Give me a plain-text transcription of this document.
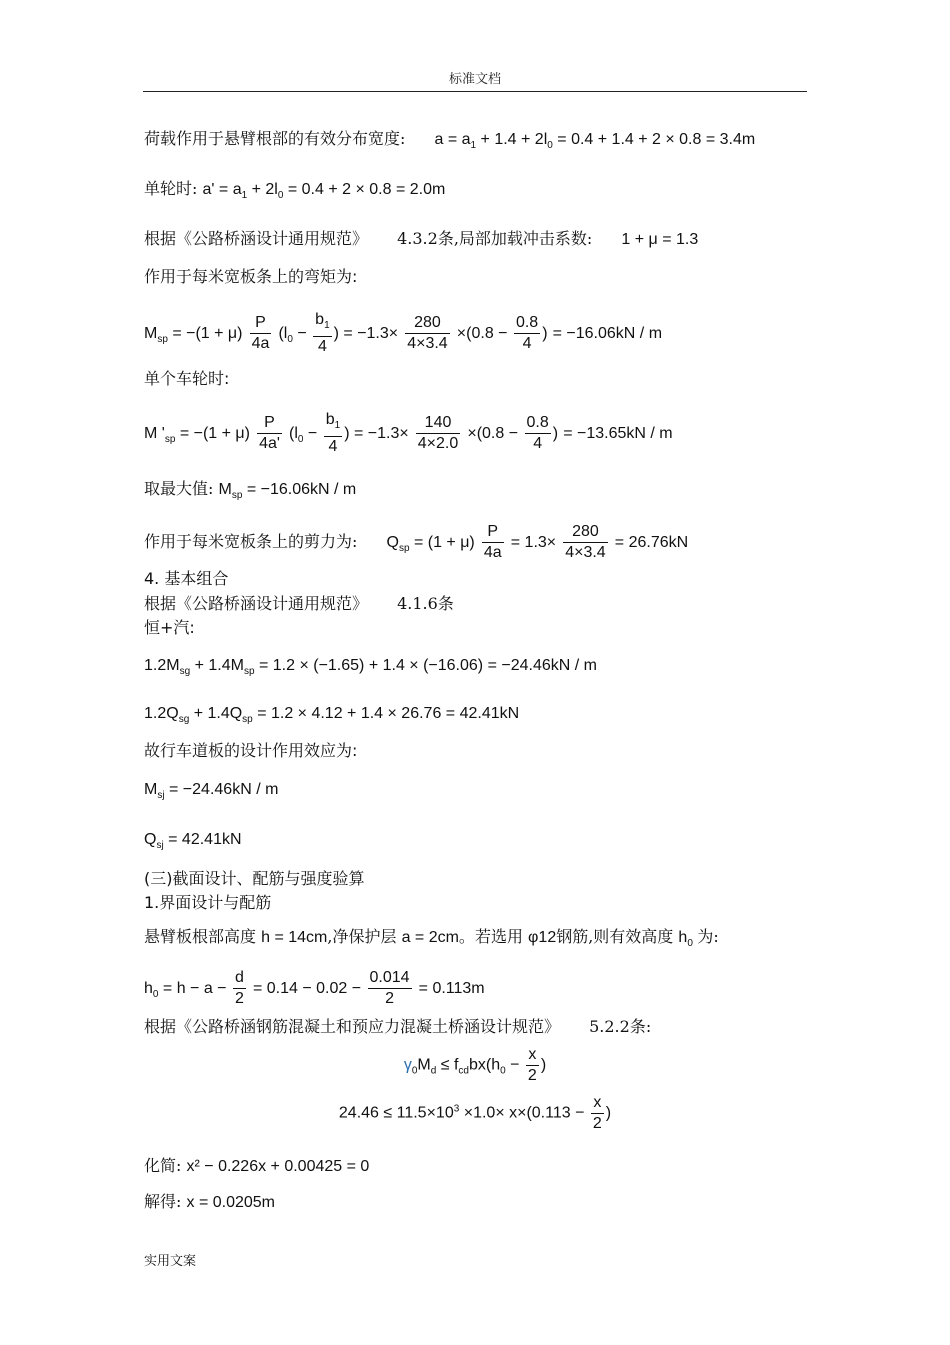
标准文档
荷载作用于悬臂根部的有效分布宽度: $a = a_1 + 1.4 + 2l_0 = 0.4 + 1.4 + 2 \times 0.8 = 3.4m$
单轮时: $a' = a_1 + 2l_0 = 0.4 + 2 \times 0.8 = 2.0m$
根据《公路桥涵设计通用规范》 4.3.2条,局部加载冲击系数: 1 + μ = 1.3
作用于每米宽板条上的弯矩为:
$M_{sp} = -(1 + \mu) \frac{P}{4a} (l_0 - \frac{b_1}{4}$ ) = $-1.3\times \frac{280}{4\times 3.4} \times(0.8 - \frac{0.8}{4}$ ) = −16.06kN / m
单个车轮时:
M '$_{sp} = -(1 + \mu) \frac{P}{4a'} (l_0 - \frac{b_1}{4}$ ) = $-1.3\times \frac{140}{4\times 2.0} \times(0.8 - \frac{0.8}{4}$ ) = −13.65kN / m
取最大值: $M_{sp} = -16.06kN / m$
作用于每米宽板条上的剪力为: $Q_{sp} = (1 + \mu) \frac{P}{4a} = 1.3\times \frac{280}{4\times 3.4} = 26.76kN$
4. 基本组合
根据《公路桥涵设计通用规范》 4.1.6条
恒+汽:
$1.2M_{sg} + 1.4M_{sp} = 1.2 \times (-1.65) + 1.4 \times (-16.06) = -24.46kN / m$
$1.2Q_{sg} + 1.4Q_{sp} = 1.2 \times 4.12 + 1.4 \times 26.76 = 42.41kN$
故行车道板的设计作用效应为:
$M_{sj} = -24.46kN / m$
$Q_{sj} = 42.41kN$
(三)截面设计、配筋与强度验算
1.界面设计与配筋
悬臂板根部高度 h = 14cm,净保护层 a = 2cm。若选用 φ12钢筋,则有效高度 $h_0$ 为:
$h_0 = h - a - \frac{d}{2} = 0.14 - 0.02 - \frac{0.014}{2} = 0.113m$
根据《公路桥涵钢筋混凝土和预应力混凝土桥涵设计规范》 5.2.2条:
$\gamma_0M_d \le f_{cd}bx(h_0 - \frac{x}{2}$ )
$24.46 \le 11.5\times 10^3 \times 1.0\times x\times(0.113 - \frac{x}{2}$ )
化简: x² − 0.226x + 0.00425 = 0
解得: x = 0.0205m
实用文案
